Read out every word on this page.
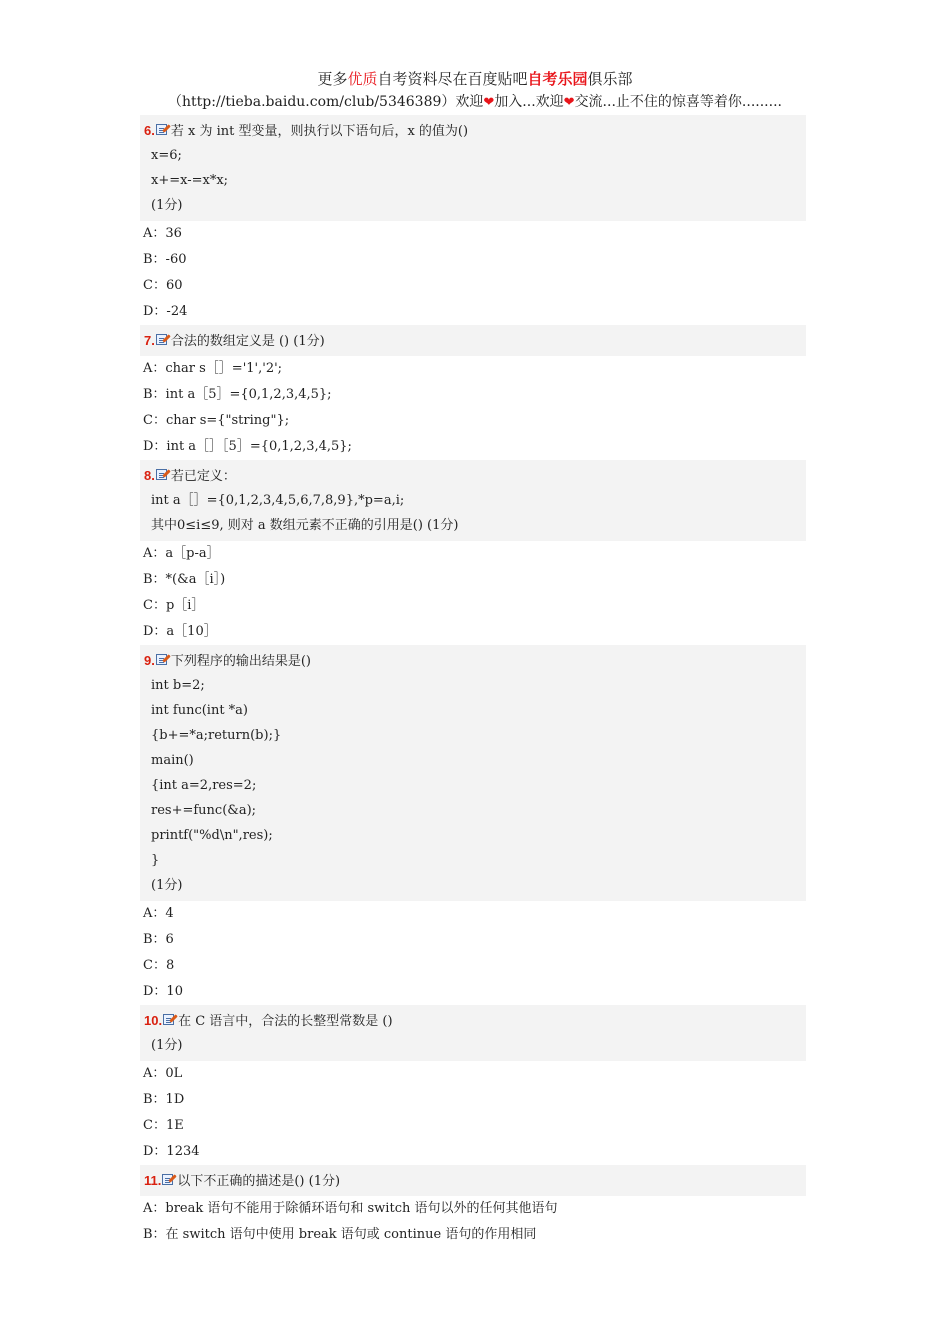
更多优质自考资料尽在百度贴吧自考乐园俱乐部
（http://tieba.baidu.com/club/5346389）欢迎❤加入...欢迎❤交流...止不住的惊喜等着你.........
6. 若 x 为 int 型变量，则执行以下语句后，x 的值为()
x=6;
x+=x-=x*x;
(1分)
A：36
B：-60
C：60
D：-24
7. 合法的数组定义是 () (1分)
A：char s［］='1','2';
B：int a［5］={0,1,2,3,4,5};
C：char s={"string"};
D：int a［］［5］={0,1,2,3,4,5};
8. 若已定义：
int a［］={0,1,2,3,4,5,6,7,8,9},*p=a,i;
其中0≤i≤9, 则对 a 数组元素不正确的引用是() (1分)
A：a［p-a］
B：*(&a［i］)
C：p［i］
D：a［10］
9. 下列程序的输出结果是()
int b=2;
int func(int *a)
{b+=*a;return(b);}
main()
{int a=2,res=2;
res+=func(&a);
printf("%d\n",res);
}
(1分)
A：4
B：6
C：8
D：10
10. 在 C 语言中，合法的长整型常数是 ()
(1分)
A：0L
B：1D
C：1E
D：1234
11. 以下不正确的描述是() (1分)
A：break 语句不能用于除循环语句和 switch 语句以外的任何其他语句
B：在 switch 语句中使用 break 语句或 continue 语句的作用相同
